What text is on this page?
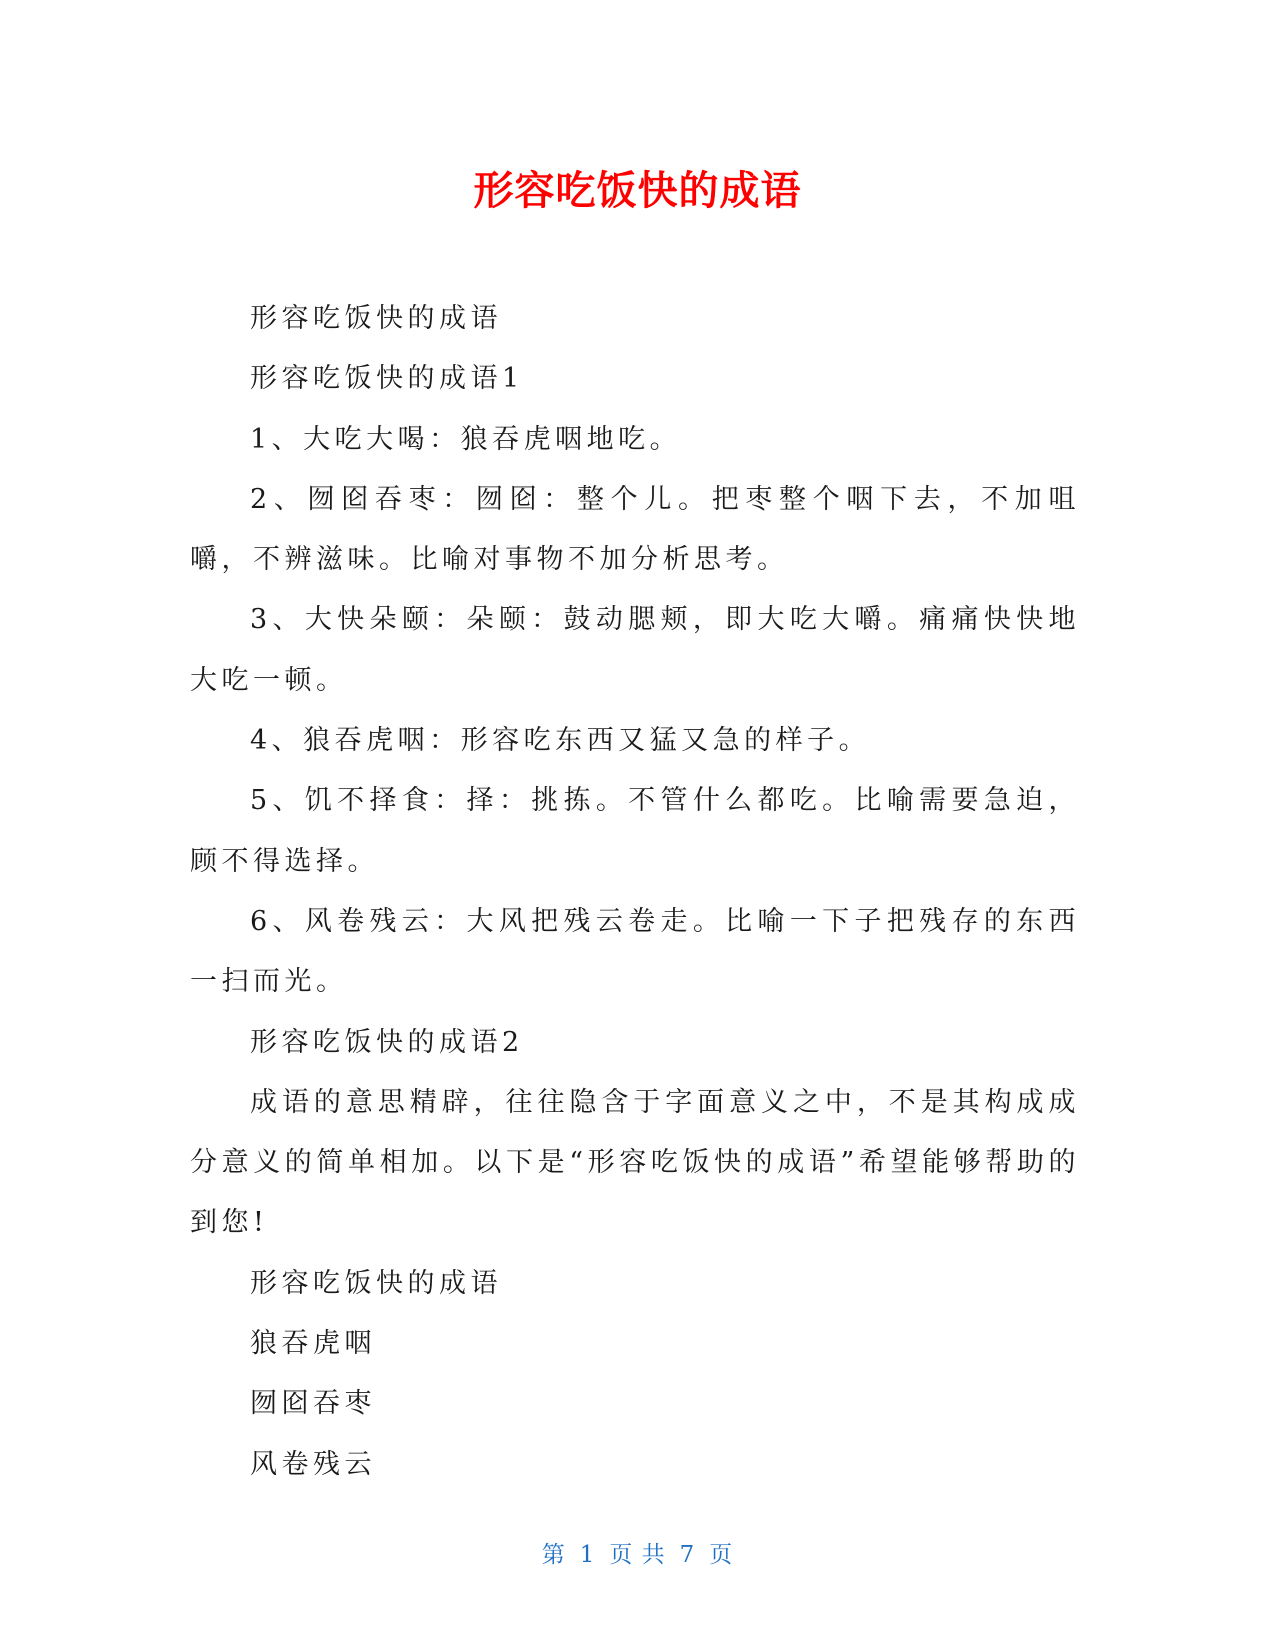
形容吃饭快的成语

形容吃饭快的成语

形容吃饭快的成语1

1、大吃大喝：狼吞虎咽地吃。

2、囫囵吞枣：囫囵：整个儿。把枣整个咽下去，不加咀嚼，不辨滋味。比喻对事物不加分析思考。

3、大快朵颐：朵颐：鼓动腮颊，即大吃大嚼。痛痛快快地大吃一顿。

4、狼吞虎咽：形容吃东西又猛又急的样子。

5、饥不择食：择：挑拣。不管什么都吃。比喻需要急迫，顾不得选择。

6、风卷残云：大风把残云卷走。比喻一下子把残存的东西一扫而光。

形容吃饭快的成语2

成语的意思精辟，往往隐含于字面意义之中，不是其构成成分意义的简单相加。以下是“形容吃饭快的成语”希望能够帮助的到您!

形容吃饭快的成语

狼吞虎咽

囫囵吞枣

风卷残云

第 1 页 共 7 页
